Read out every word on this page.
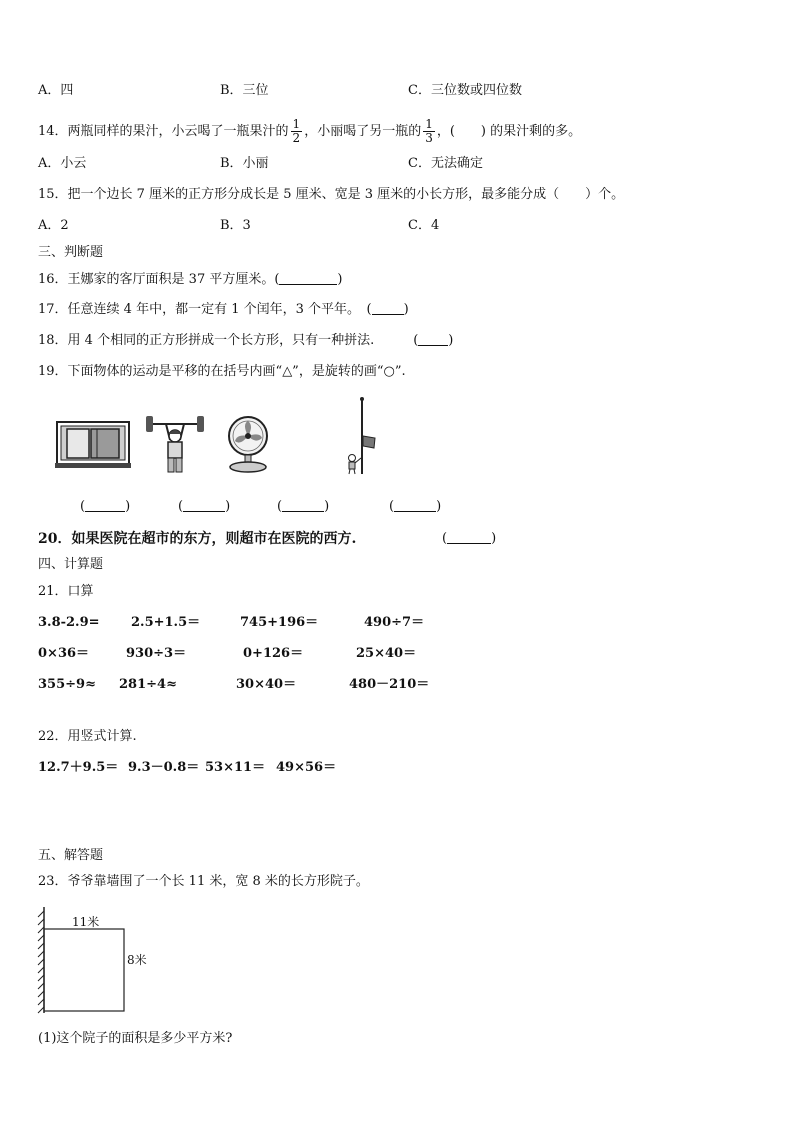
A．四	B．三位	C．三位数或四位数
14．两瓶同样的果汁，小云喝了一瓶果汁的 $\frac{1}{2}$ ，小丽喝了另一瓶的 $\frac{1}{3}$ ，(　　) 的果汁剩的多。
A．小云	B．小丽	C．无法确定
15．把一个边长 7 厘米的正方形分成长是 5 厘米、宽是 3 厘米的小长方形，最多能分成（　　）个。
A．2	B．3	C．4
三、判断题
16．王娜家的客厅面积是 37 平方厘米。(	)
17．任意连续 4 年中，都一定有 1 个闰年，3 个平年。　( )
18．用 4 个相同的正方形拼成一个长方形，只有一种拼法.　　　( )
19．下面物体的运动是平移的在括号内画“△”，是旋转的画“○”.
(	)	(	)	(	)	(	)
20．如果医院在超市的东方，则超市在医院的西方.	(	)
四、计算题
21．口算
3.8-2.9= 2.5+1.5＝	745+196＝	490÷7＝
0×36＝	930÷3＝	0+126＝	25×40＝
355÷9≈ 281÷4≈	30×40＝	480－210＝
22．用竖式计算.
12.7＋9.5＝ 9.3－0.8＝ 53×11＝ 49×56＝
五、解答题
23．爷爷靠墙围了一个长 11 米，宽 8 米的长方形院子。
11米
8米
(1)这个院子的面积是多少平方米?
